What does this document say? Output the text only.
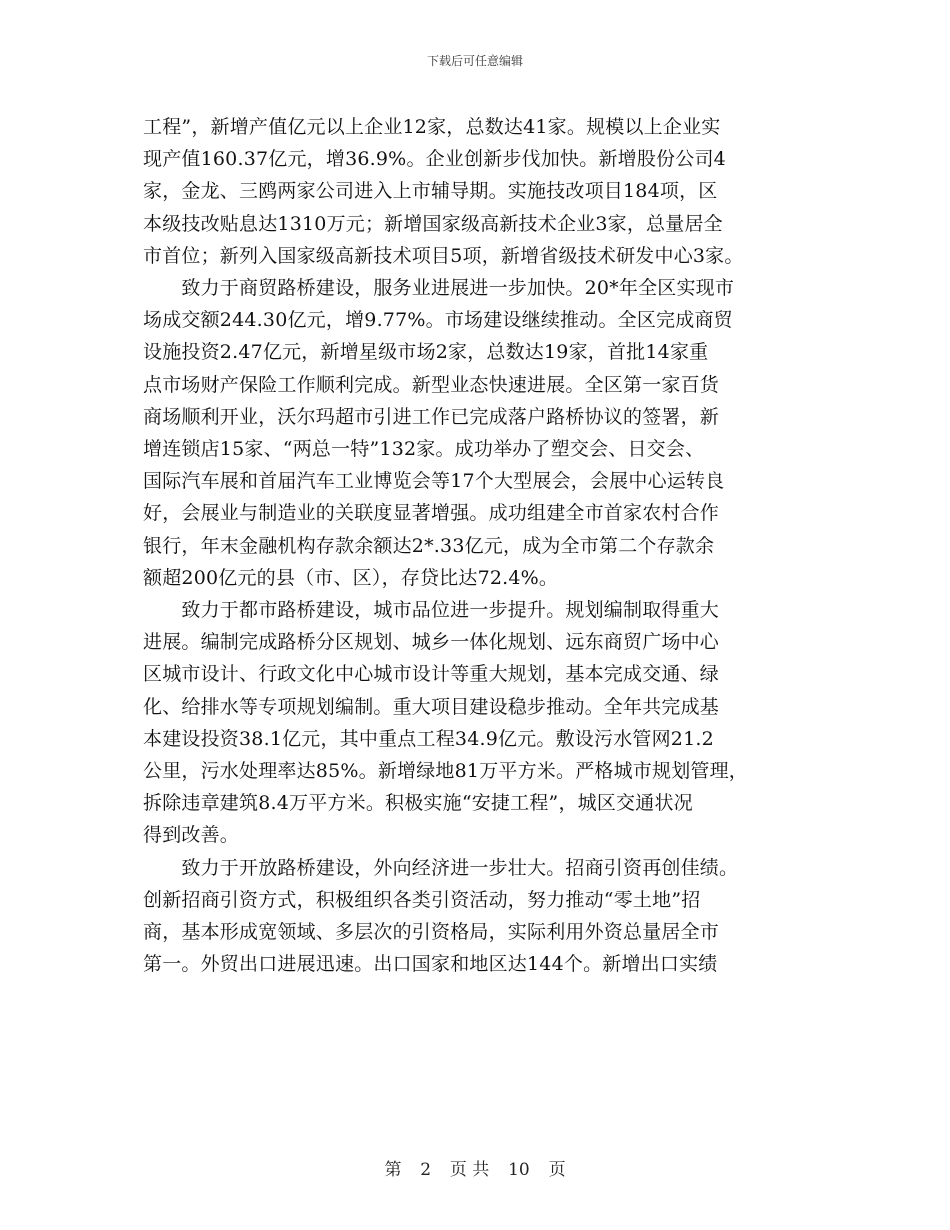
下载后可任意编辑

工程”，新增产值亿元以上企业12家，总数达41家。规模以上企业实

现产值160.37亿元，增36.9%。企业创新步伐加快。新增股份公司4

家，金龙、三鸥两家公司进入上市辅导期。实施技改项目184项，区

本级技改贴息达1310万元；新增国家级高新技术企业3家，总量居全

市首位；新列入国家级高新技术项目5项，新增省级技术研发中心3家。

　　致力于商贸路桥建设，服务业进展进一步加快。20*年全区实现市

场成交额244.30亿元，增9.77%。市场建设继续推动。全区完成商贸

设施投资2.47亿元，新增星级市场2家，总数达19家，首批14家重

点市场财产保险工作顺利完成。新型业态快速进展。全区第一家百货

商场顺利开业，沃尔玛超市引进工作已完成落户路桥协议的签署，新

增连锁店15家、“两总一特”132家。成功举办了塑交会、日交会、

国际汽车展和首届汽车工业博览会等17个大型展会，会展中心运转良

好，会展业与制造业的关联度显著增强。成功组建全市首家农村合作

银行，年末金融机构存款余额达2*.33亿元，成为全市第二个存款余

额超200亿元的县（市、区），存贷比达72.4%。

　　致力于都市路桥建设，城市品位进一步提升。规划编制取得重大

进展。编制完成路桥分区规划、城乡一体化规划、远东商贸广场中心

区城市设计、行政文化中心城市设计等重大规划，基本完成交通、绿

化、给排水等专项规划编制。重大项目建设稳步推动。全年共完成基

本建设投资38.1亿元，其中重点工程34.9亿元。敷设污水管网21.2

公里，污水处理率达85%。新增绿地81万平方米。严格城市规划管理，

拆除违章建筑8.4万平方米。积极实施“安捷工程”，城区交通状况

得到改善。

　　致力于开放路桥建设，外向经济进一步壮大。招商引资再创佳绩。

创新招商引资方式，积极组织各类引资活动，努力推动“零土地”招

商，基本形成宽领域、多层次的引资格局，实际利用外资总量居全市

第一。外贸出口进展迅速。出口国家和地区达144个。新增出口实绩

第 2 页 共 10 页
